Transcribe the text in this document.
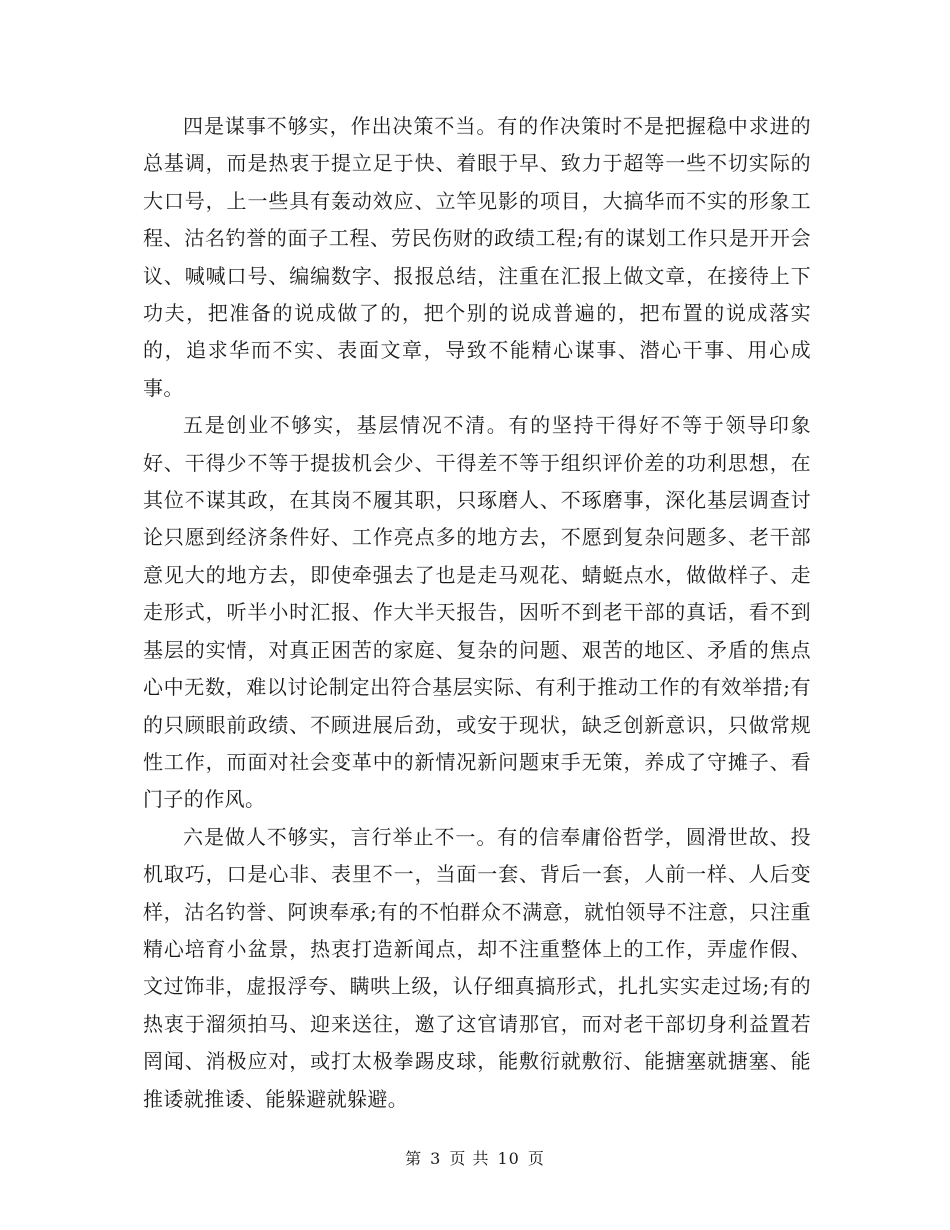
四是谋事不够实，作出决策不当。有的作决策时不是把握稳中求进的总基调，而是热衷于提立足于快、着眼于早、致力于超等一些不切实际的大口号，上一些具有轰动效应、立竿见影的项目，大搞华而不实的形象工程、沽名钓誉的面子工程、劳民伤财的政绩工程;有的谋划工作只是开开会议、喊喊口号、编编数字、报报总结，注重在汇报上做文章，在接待上下功夫，把准备的说成做了的，把个别的说成普遍的，把布置的说成落实的，追求华而不实、表面文章，导致不能精心谋事、潜心干事、用心成事。

五是创业不够实，基层情况不清。有的坚持干得好不等于领导印象好、干得少不等于提拔机会少、干得差不等于组织评价差的功利思想，在其位不谋其政，在其岗不履其职，只琢磨人、不琢磨事，深化基层调查讨论只愿到经济条件好、工作亮点多的地方去，不愿到复杂问题多、老干部意见大的地方去，即使牵强去了也是走马观花、蜻蜓点水，做做样子、走走形式，听半小时汇报、作大半天报告，因听不到老干部的真话，看不到基层的实情，对真正困苦的家庭、复杂的问题、艰苦的地区、矛盾的焦点心中无数，难以讨论制定出符合基层实际、有利于推动工作的有效举措;有的只顾眼前政绩、不顾进展后劲，或安于现状，缺乏创新意识，只做常规性工作，而面对社会变革中的新情况新问题束手无策，养成了守摊子、看门子的作风。

六是做人不够实，言行举止不一。有的信奉庸俗哲学，圆滑世故、投机取巧，口是心非、表里不一，当面一套、背后一套，人前一样、人后变样，沽名钓誉、阿谀奉承;有的不怕群众不满意，就怕领导不注意，只注重精心培育小盆景，热衷打造新闻点，却不注重整体上的工作，弄虚作假、文过饰非，虚报浮夸、瞒哄上级，认仔细真搞形式，扎扎实实走过场;有的热衷于溜须拍马、迎来送往，邀了这官请那官，而对老干部切身利益置若罔闻、消极应对，或打太极拳踢皮球，能敷衍就敷衍、能搪塞就搪塞、能推诿就推诿、能躲避就躲避。

第 3 页 共 10 页
